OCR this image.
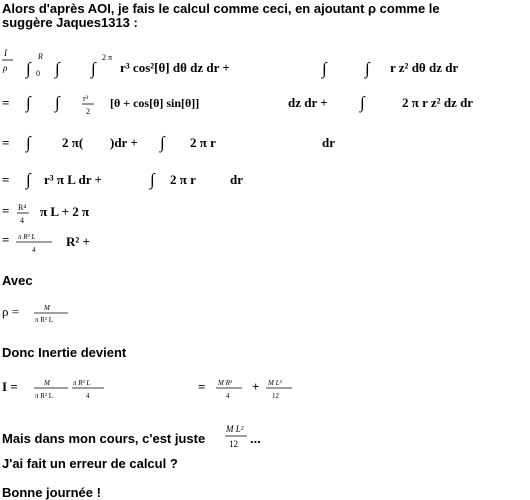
Alors d'après AOI, je fais le calcul comme ceci, en ajoutant ρ comme le
suggère Jaques1313 :
I
ρ ∫ 0
R
∫ ∫
2 π
r³ cos²[θ] dθ dz dr +	∫ ∫ r z² dθ dz dr
= ∫ ∫	r³
2
[θ + cos[θ] sin[θ]]	dz dr + ∫	2 π r z² dz dr
= ∫ 2 π( )dr + ∫ 2 π r	dr
= ∫ r³ π L dr +	∫ 2 π r	dr
= R⁴
4
π L + 2 π
= π R² L
4
R² +
ρ =	M
π R² L
I =	M
π R² L
π R² L
4
= M R²
4
+ M L²
12
M L²
12
Avec
Donc Inertie devient
Mais dans mon cours, c'est juste	...
J'ai fait un erreur de calcul ?
Bonne journée !
